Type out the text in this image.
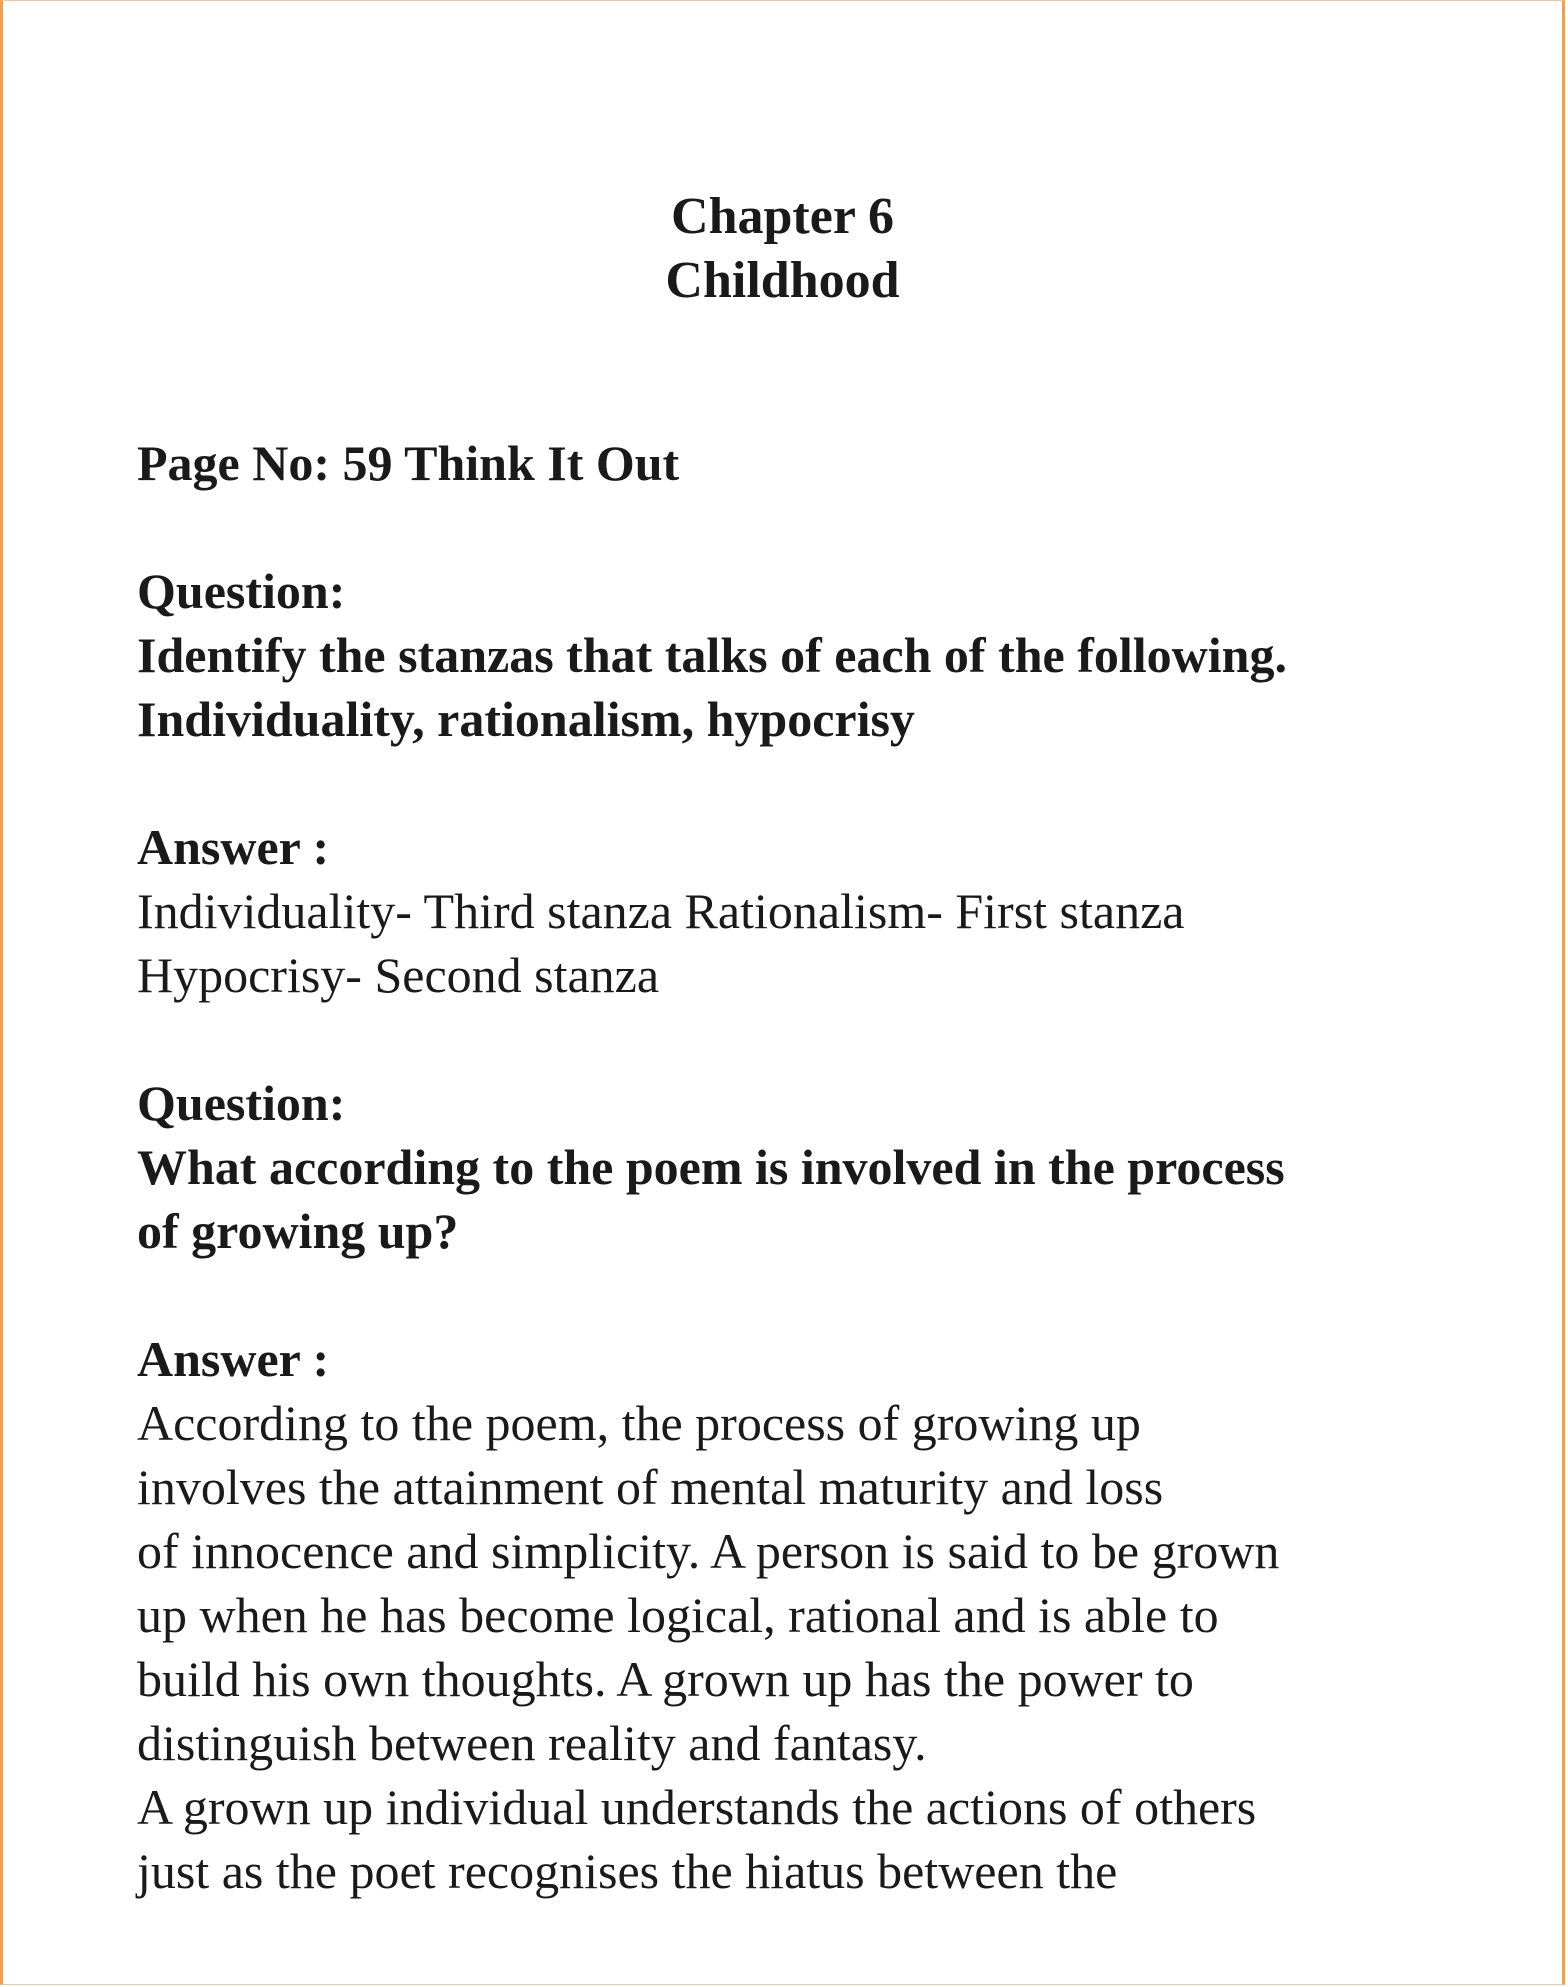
Chapter 6
Childhood
Page No: 59 Think It Out
Question:
Identify the stanzas that talks of each of the following.
Individuality, rationalism, hypocrisy
Answer :
Individuality- Third stanza Rationalism- First stanza
Hypocrisy- Second stanza
Question:
What according to the poem is involved in the process
of growing up?
Answer :
According to the poem, the process of growing up
involves the attainment of mental maturity and loss
of innocence and simplicity. A person is said to be grown
up when he has become logical, rational and is able to
build his own thoughts. A grown up has the power to
distinguish between reality and fantasy.
A grown up individual understands the actions of others
just as the poet recognises the hiatus between the
